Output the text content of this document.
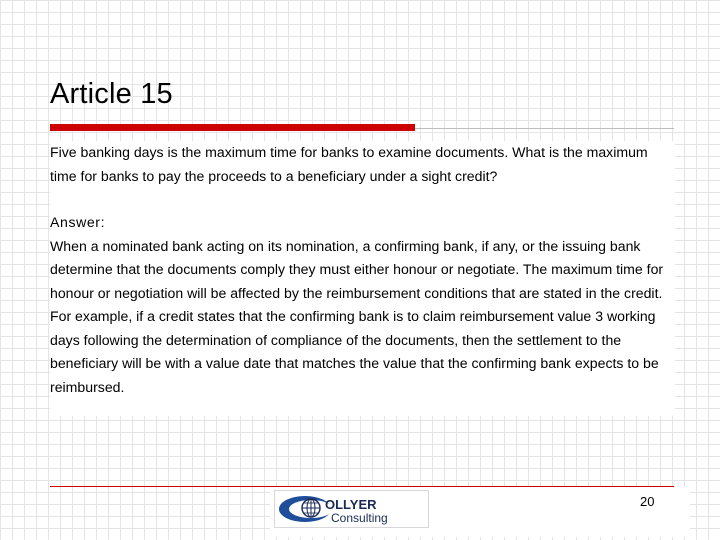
Article 15

Five banking days is the maximum time for banks to examine documents. What is the maximum time for banks to pay the proceeds to a beneficiary under a sight credit?

Answer:

When a nominated bank acting on its nomination, a confirming bank, if any, or the issuing bank determine that the documents comply they must either honour or negotiate. The maximum time for honour or negotiation will be affected by the reimbursement conditions that are stated in the credit. For example, if a credit states that the confirming bank is to claim reimbursement value 3 working days following the determination of compliance of the documents, then the settlement to the beneficiary will be with a value date that matches the value that the confirming bank expects to be reimbursed.

OLLYER
Consulting
20
